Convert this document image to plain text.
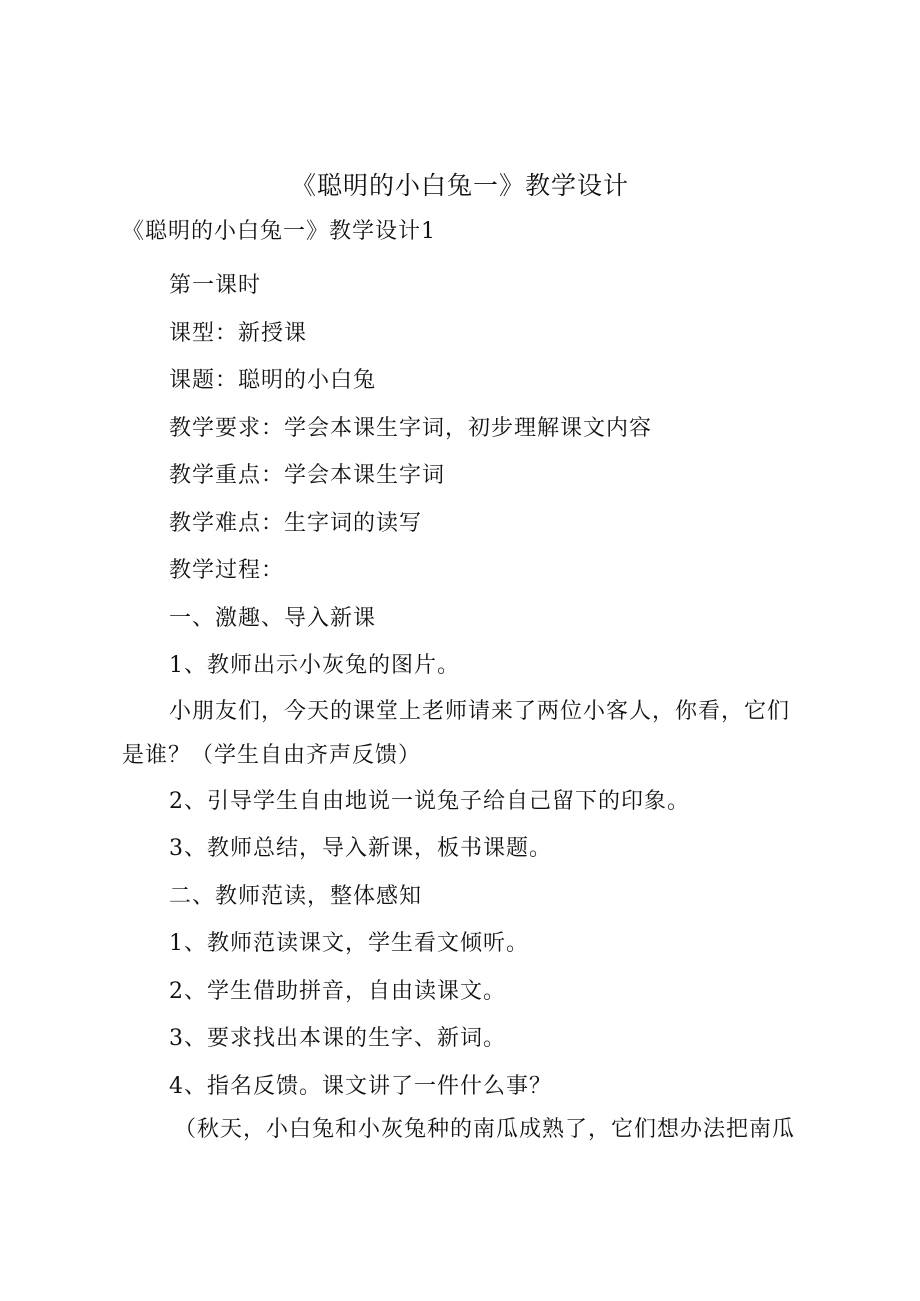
《聪明的小白兔一》教学设计
《聪明的小白兔一》教学设计1

第一课时

课型：新授课

课题：聪明的小白兔

教学要求：学会本课生字词，初步理解课文内容

教学重点：学会本课生字词

教学难点：生字词的读写

教学过程：

一、激趣、导入新课

1、教师出示小灰兔的图片。

小朋友们，今天的课堂上老师请来了两位小客人，你看，它们
是谁？（学生自由齐声反馈）

2、引导学生自由地说一说兔子给自己留下的印象。

3、教师总结，导入新课，板书课题。

二、教师范读，整体感知

1、教师范读课文，学生看文倾听。

2、学生借助拼音，自由读课文。

3、要求找出本课的生字、新词。

4、指名反馈。课文讲了一件什么事？

（秋天，小白兔和小灰兔种的南瓜成熟了，它们想办法把南瓜
